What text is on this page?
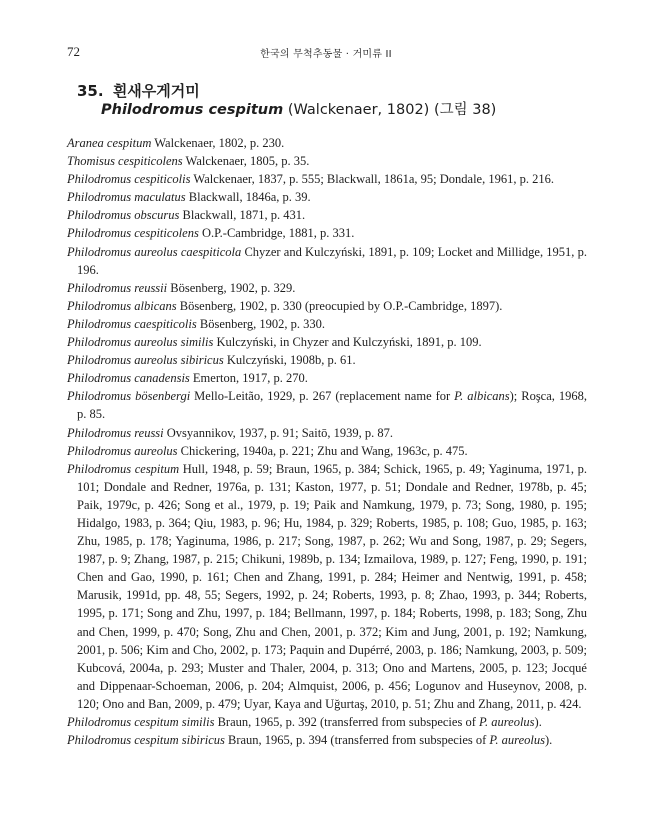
72	한국의 무척추동물 · 거미류 II
35. 흰새우게거미
Philodromus cespitum (Walckenaer, 1802) (그림 38)

Aranea cespitum Walckenaer, 1802, p. 230.

Thomisus cespiticolens Walckenaer, 1805, p. 35.

Philodromus cespiticolis Walckenaer, 1837, p. 555; Blackwall, 1861a, 95; Dondale, 1961, p. 216.

Philodromus maculatus Blackwall, 1846a, p. 39.

Philodromus obscurus Blackwall, 1871, p. 431.

Philodromus cespiticolens O.P.-Cambridge, 1881, p. 331.

Philodromus aureolus caespiticola Chyzer and Kulczyński, 1891, p. 109; Locket and Millidge, 1951, p. 196.

Philodromus reussii Bösenberg, 1902, p. 329.

Philodromus albicans Bösenberg, 1902, p. 330 (preocupied by O.P.-Cambridge, 1897).

Philodromus caespiticolis Bösenberg, 1902, p. 330.

Philodromus aureolus similis Kulczyński, in Chyzer and Kulczyński, 1891, p. 109.

Philodromus aureolus sibiricus Kulczyński, 1908b, p. 61.

Philodromus canadensis Emerton, 1917, p. 270.

Philodromus bösenbergi Mello-Leitão, 1929, p. 267 (replacement name for P. albicans); Roşca, 1968, p. 85.

Philodromus reussi Ovsyannikov, 1937, p. 91; Saitō, 1939, p. 87.

Philodromus aureolus Chickering, 1940a, p. 221; Zhu and Wang, 1963c, p. 475.

Philodromus cespitum Hull, 1948, p. 59; Braun, 1965, p. 384; Schick, 1965, p. 49; Yaginuma, 1971, p. 101; Dondale and Redner, 1976a, p. 131; Kaston, 1977, p. 51; Dondale and Redner, 1978b, p. 45; Paik, 1979c, p. 426; Song et al., 1979, p. 19; Paik and Namkung, 1979, p. 73; Song, 1980, p. 195; Hidalgo, 1983, p. 364; Qiu, 1983, p. 96; Hu, 1984, p. 329; Roberts, 1985, p. 108; Guo, 1985, p. 163; Zhu, 1985, p. 178; Yaginuma, 1986, p. 217; Song, 1987, p. 262; Wu and Song, 1987, p. 29; Segers, 1987, p. 9; Zhang, 1987, p. 215; Chikuni, 1989b, p. 134; Izmailova, 1989, p. 127; Feng, 1990, p. 191; Chen and Gao, 1990, p. 161; Chen and Zhang, 1991, p. 284; Heimer and Nentwig, 1991, p. 458; Marusik, 1991d, pp. 48, 55; Segers, 1992, p. 24; Roberts, 1993, p. 8; Zhao, 1993, p. 344; Roberts, 1995, p. 171; Song and Zhu, 1997, p. 184; Bellmann, 1997, p. 184; Roberts, 1998, p. 183; Song, Zhu and Chen, 1999, p. 470; Song, Zhu and Chen, 2001, p. 372; Kim and Jung, 2001, p. 192; Namkung, 2001, p. 506; Kim and Cho, 2002, p. 173; Paquin and Dupérré, 2003, p. 186; Namkung, 2003, p. 509; Kubcová, 2004a, p. 293; Muster and Thaler, 2004, p. 313; Ono and Martens, 2005, p. 123; Jocqué and Dippenaar-Schoeman, 2006, p. 204; Almquist, 2006, p. 456; Logunov and Huseynov, 2008, p. 120; Ono and Ban, 2009, p. 479; Uyar, Kaya and Uğurtaş, 2010, p. 51; Zhu and Zhang, 2011, p. 424.

Philodromus cespitum similis Braun, 1965, p. 392 (transferred from subspecies of P. aureolus).

Philodromus cespitum sibiricus Braun, 1965, p. 394 (transferred from subspecies of P. aureolus).
